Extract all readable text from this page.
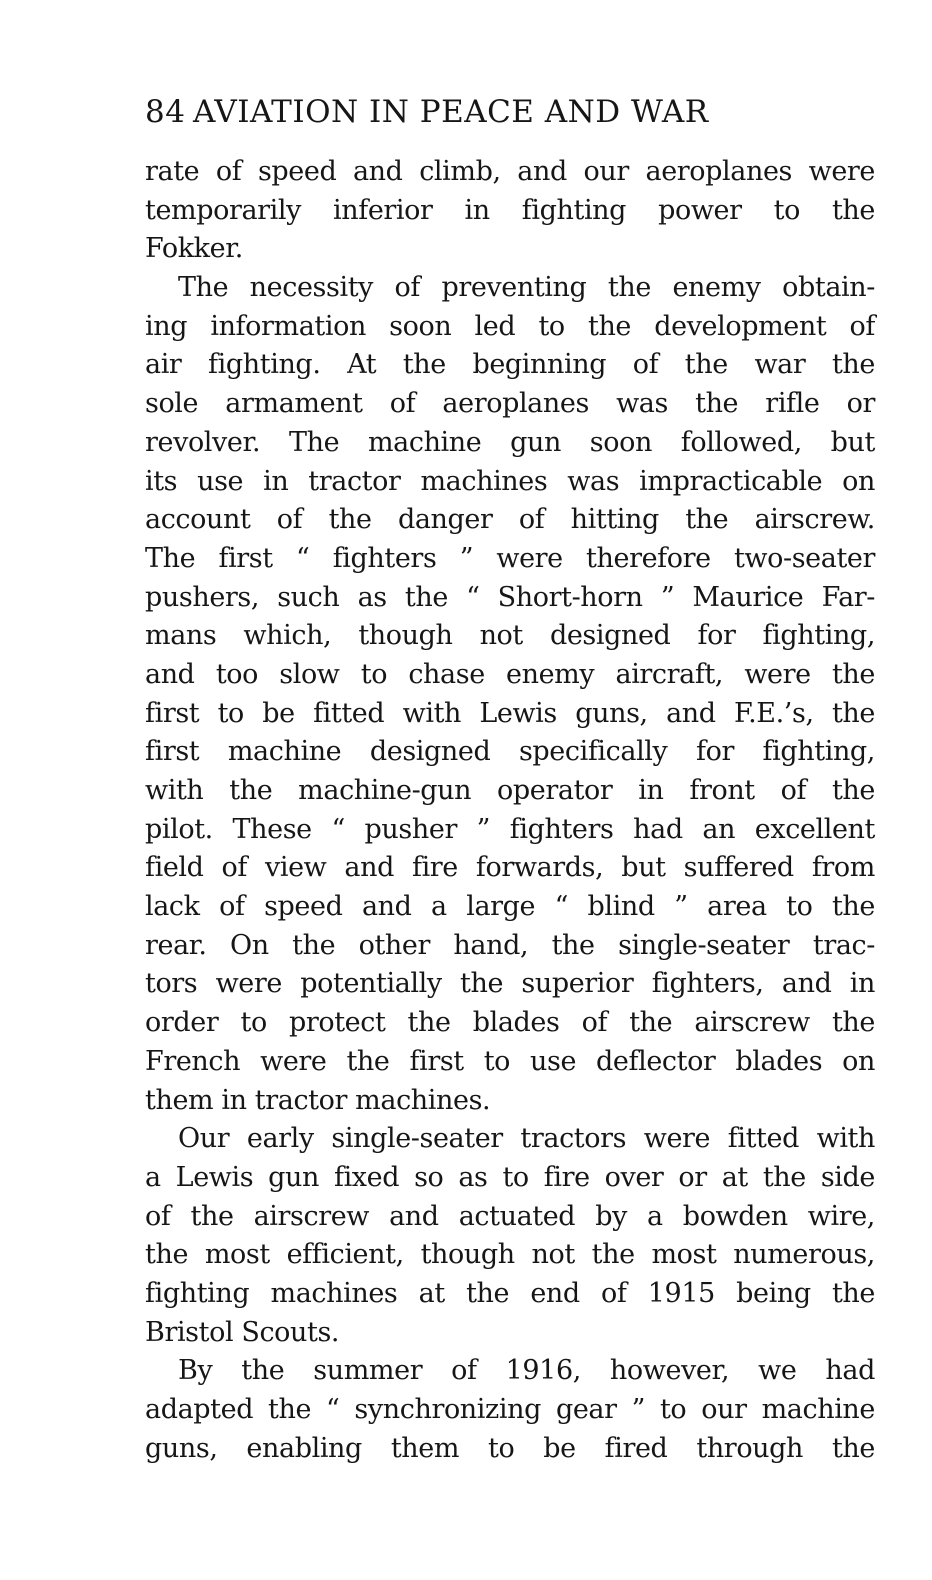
84 AVIATION IN PEACE AND WAR
rate of speed and climb, and our aeroplanes were
temporarily inferior in fighting power to the
Fokker.
The necessity of preventing the enemy obtain-
ing information soon led to the development of
air fighting. At the beginning of the war the
sole armament of aeroplanes was the rifle or
revolver. The machine gun soon followed, but
its use in tractor machines was impracticable on
account of the danger of hitting the airscrew.
The first “ fighters ” were therefore two-seater
pushers, such as the “ Short-horn ” Maurice Far-
mans which, though not designed for fighting,
and too slow to chase enemy aircraft, were the
first to be fitted with Lewis guns, and F.E.’s, the
first machine designed specifically for fighting,
with the machine-gun operator in front of the
pilot. These “ pusher ” fighters had an excellent
field of view and fire forwards, but suffered from
lack of speed and a large “ blind ” area to the
rear. On the other hand, the single-seater trac-
tors were potentially the superior fighters, and in
order to protect the blades of the airscrew the
French were the first to use deflector blades on
them in tractor machines.
Our early single-seater tractors were fitted with
a Lewis gun fixed so as to fire over or at the side
of the airscrew and actuated by a bowden wire,
the most efficient, though not the most numerous,
fighting machines at the end of 1915 being the
Bristol Scouts.
By the summer of 1916, however, we had
adapted the “ synchronizing gear ” to our machine
guns, enabling them to be fired through the
